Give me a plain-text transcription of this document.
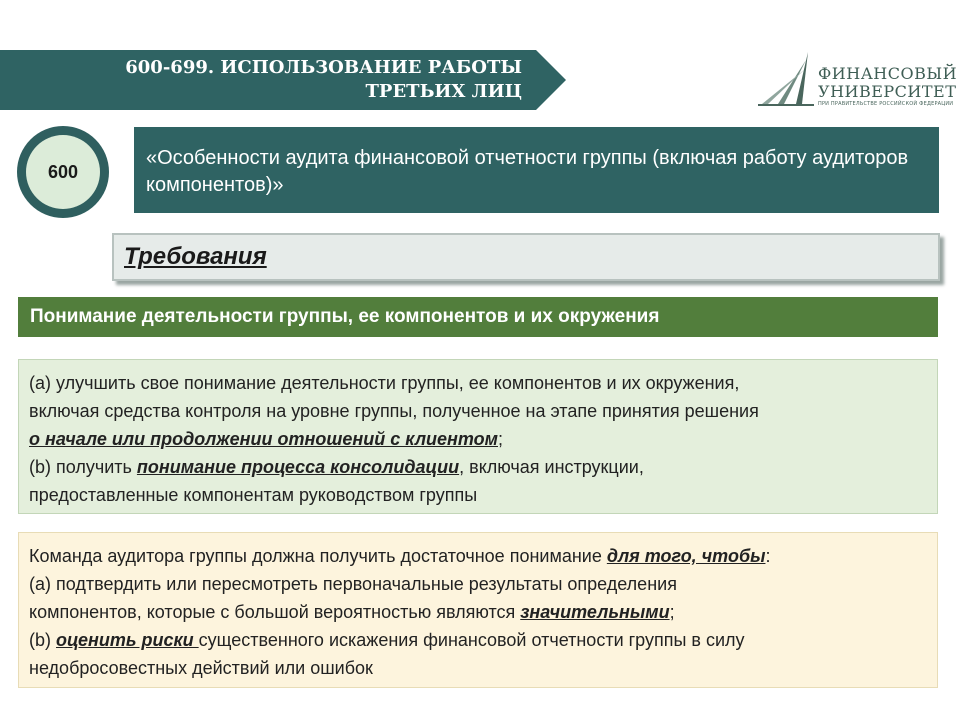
600-699. ИСПОЛЬЗОВАНИЕ РАБОТЫ
ТРЕТЬИХ ЛИЦ
ФИНАНСОВЫЙ
УНИВЕРСИТЕТ
ПРИ ПРАВИТЕЛЬСТВЕ РОССИЙСКОЙ ФЕДЕРАЦИИ
600
«Особенности аудита финансовой отчетности группы (включая работу аудиторов компонентов)»
Требования
Понимание деятельности группы, ее компонентов и их окружения
(a) улучшить свое понимание деятельности группы, ее компонентов и их окружения,
включая средства контроля на уровне группы, полученное на этапе принятия решения
о начале или продолжении отношений с клиентом;
(b) получить понимание процесса консолидации, включая инструкции,
предоставленные компонентам руководством группы
Команда аудитора группы должна получить достаточное понимание для того, чтобы:
(а) подтвердить или пересмотреть первоначальные результаты определения
компонентов, которые с большой вероятностью являются значительными;
(b) оценить риски существенного искажения финансовой отчетности группы в силу
недобросовестных действий или ошибок
